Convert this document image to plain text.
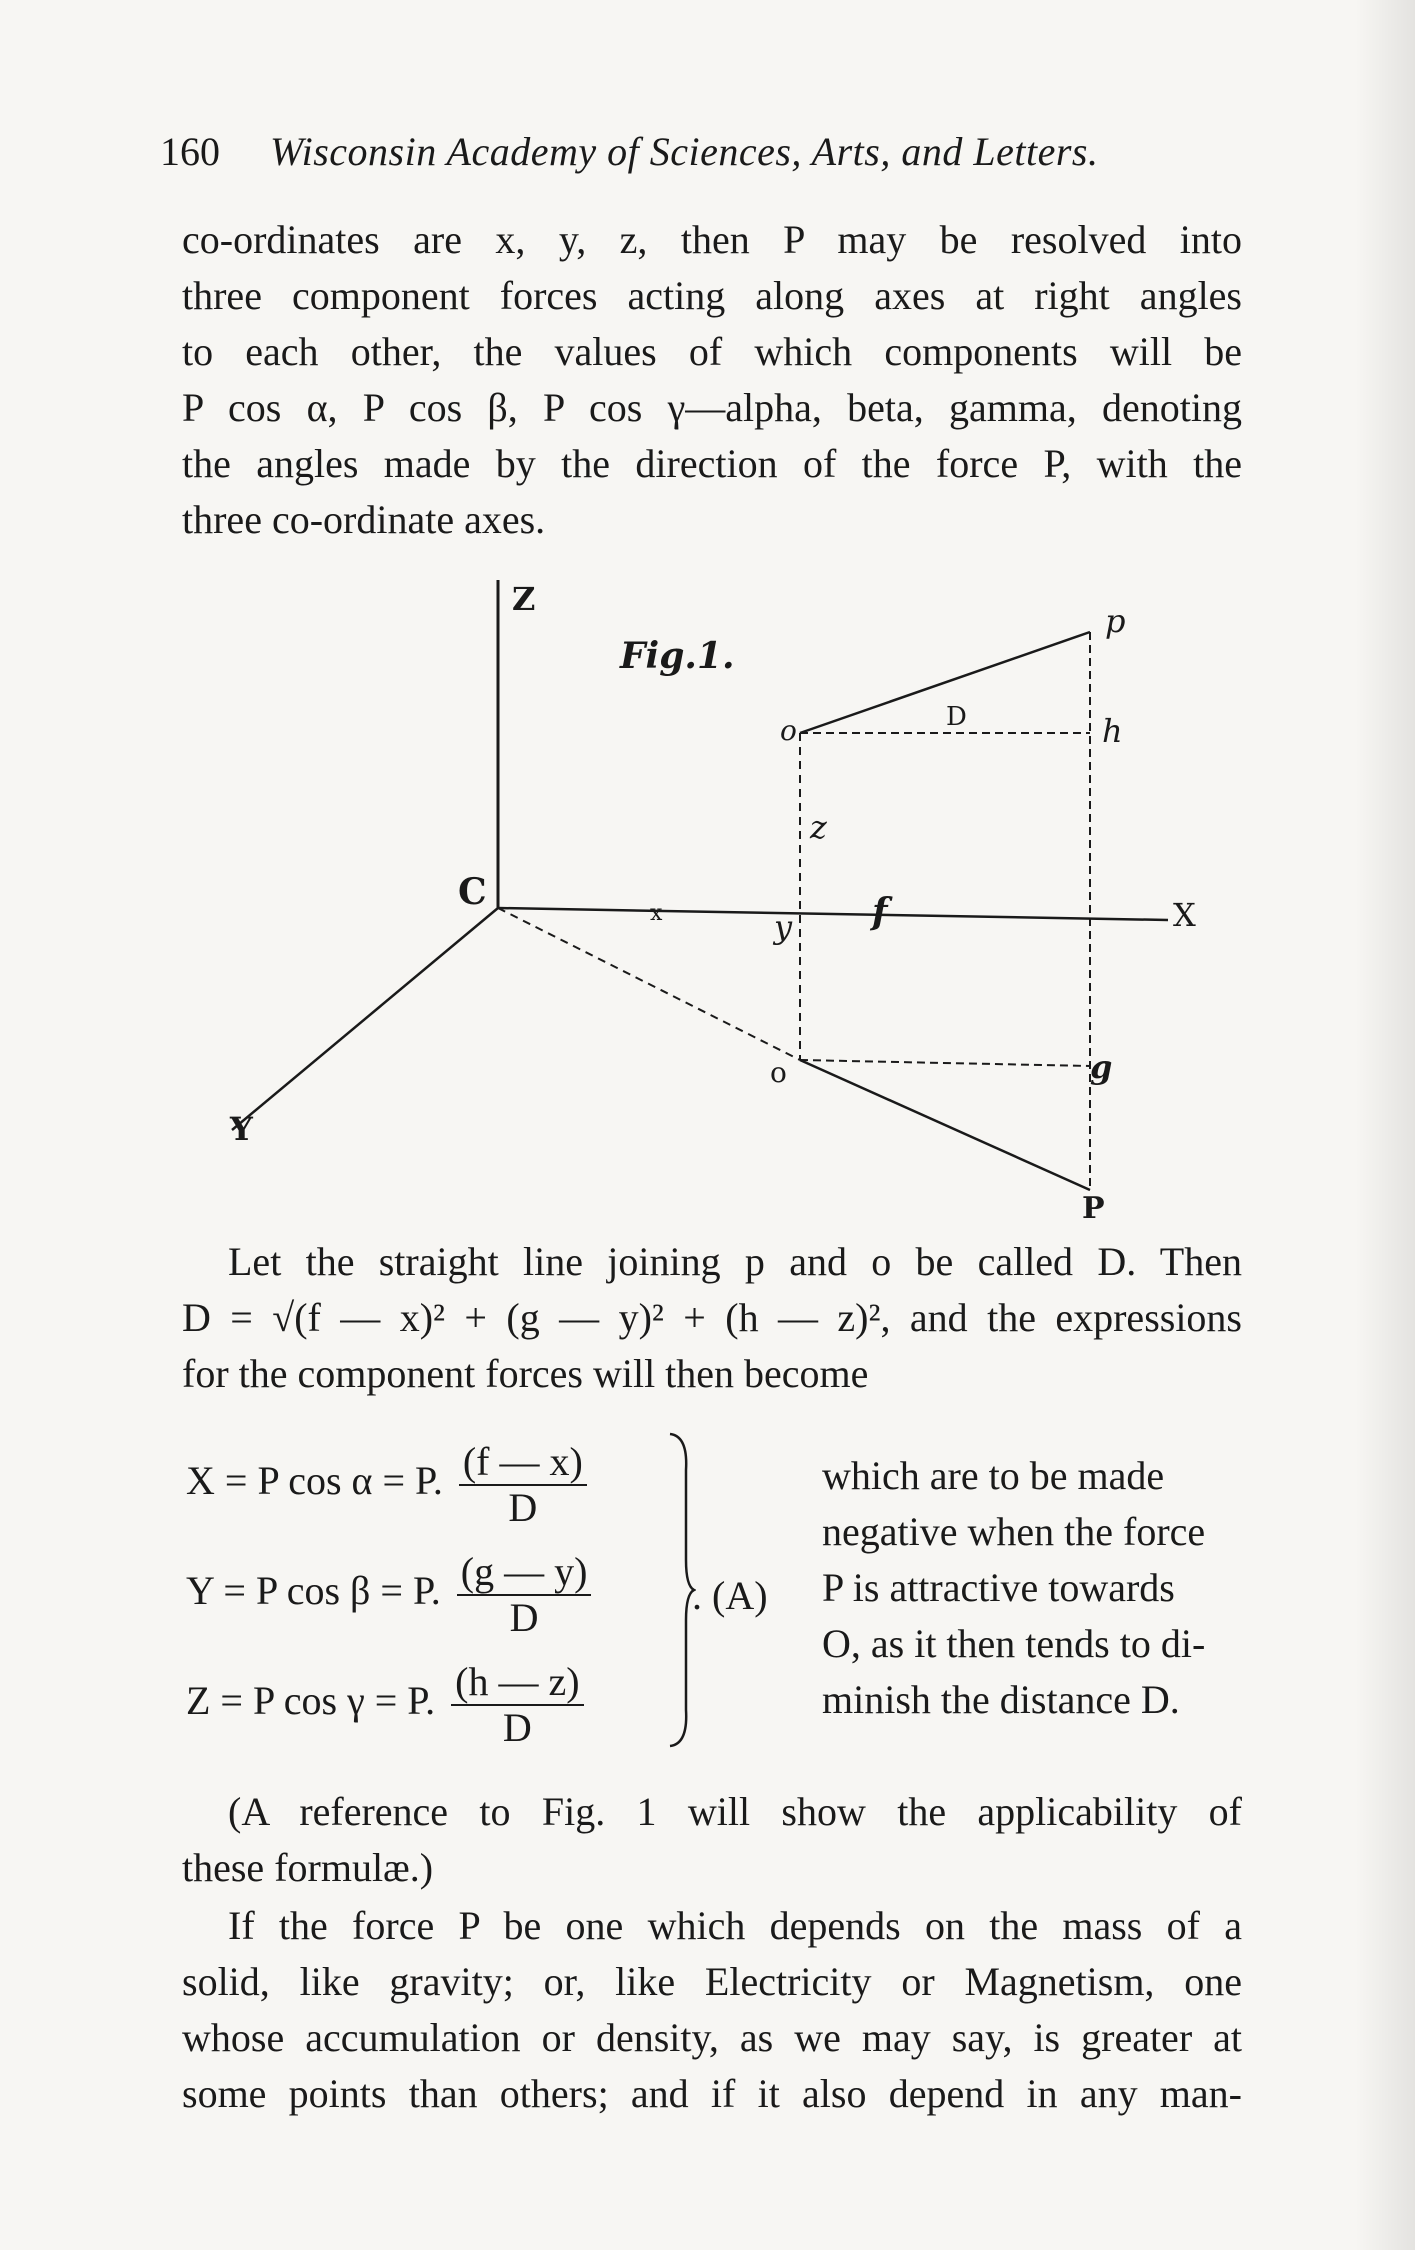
160 Wisconsin Academy of Sciences, Arts, and Letters.
co-ordinates are x, y, z, then P may be resolved into
three component forces acting along axes at right angles
to each other, the values of which components will be
P cos α, P cos β, P cos γ—alpha, beta, gamma, denoting
the angles made by the direction of the force P, with the
three co-ordinate axes.
Z
X
Y
C
Fig.1.
p
o	D	h
z
x	y f
o	g
P
Let the straight line joining p and o be called D. Then
D = √(f — x)² + (g — y)² + (h — z)², and the expressions
for the component forces will then become
X = P cos α = P. $\frac{(f — x)}{D}$
Y = P cos β = P. $\frac{(g — y)}{D}$
Z = P cos γ = P. $\frac{(h — z)}{D}$
. (A)
which are to be made
negative when the force
P is attractive towards
O, as it then tends to di-
minish the distance D.
(A reference to Fig. 1 will show the applicability of
these formulæ.)
If the force P be one which depends on the mass of a
solid, like gravity; or, like Electricity or Magnetism, one
whose accumulation or density, as we may say, is greater at
some points than others; and if it also depend in any man-
